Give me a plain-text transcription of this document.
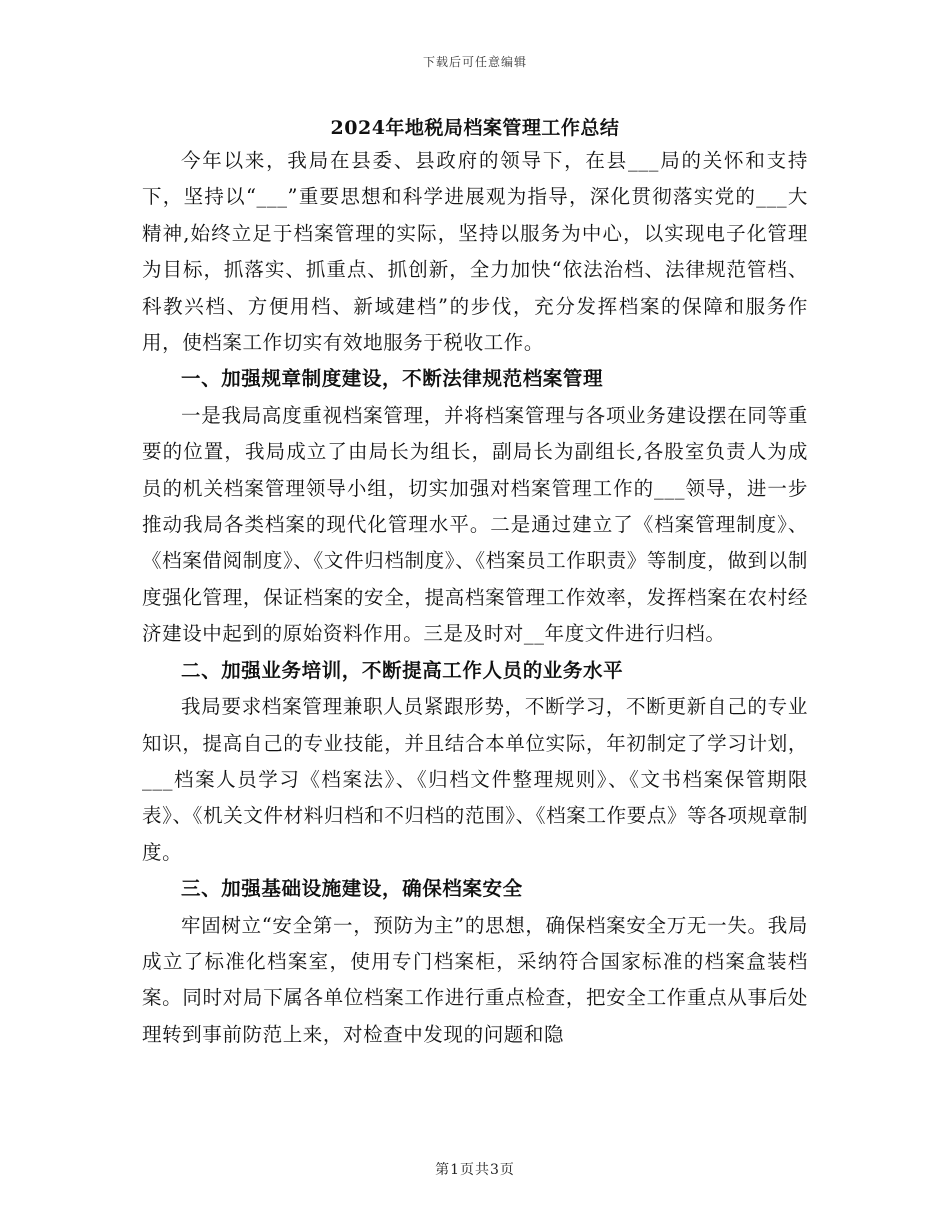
下载后可任意编辑
2024年地税局档案管理工作总结

今年以来，我局在县委、县政府的领导下，在县___局的关怀和支持下，坚持以“___”重要思想和科学进展观为指导，深化贯彻落实党的___大精神,始终立足于档案管理的实际，坚持以服务为中心，以实现电子化管理为目标，抓落实、抓重点、抓创新，全力加快“依法治档、法律规范管档、科教兴档、方便用档、新域建档”的步伐，充分发挥档案的保障和服务作用，使档案工作切实有效地服务于税收工作。

一、加强规章制度建设，不断法律规范档案管理

一是我局高度重视档案管理，并将档案管理与各项业务建设摆在同等重要的位置，我局成立了由局长为组长，副局长为副组长,各股室负责人为成员的机关档案管理领导小组，切实加强对档案管理工作的___领导，进一步推动我局各类档案的现代化管理水平。二是通过建立了《档案管理制度》、《档案借阅制度》、《文件归档制度》、《档案员工作职责》等制度，做到以制度强化管理，保证档案的安全，提高档案管理工作效率，发挥档案在农村经济建设中起到的原始资料作用。三是及时对__年度文件进行归档。

二、加强业务培训，不断提高工作人员的业务水平

我局要求档案管理兼职人员紧跟形势，不断学习，不断更新自己的专业知识，提高自己的专业技能，并且结合本单位实际，年初制定了学习计划，___档案人员学习《档案法》、《归档文件整理规则》、《文书档案保管期限表》、《机关文件材料归档和不归档的范围》、《档案工作要点》等各项规章制度。

三、加强基础设施建设，确保档案安全

牢固树立“安全第一，预防为主”的思想，确保档案安全万无一失。我局成立了标准化档案室，使用专门档案柜，采纳符合国家标准的档案盒装档案。同时对局下属各单位档案工作进行重点检查，把安全工作重点从事后处理转到事前防范上来，对检查中发现的问题和隐

第1页共3页
